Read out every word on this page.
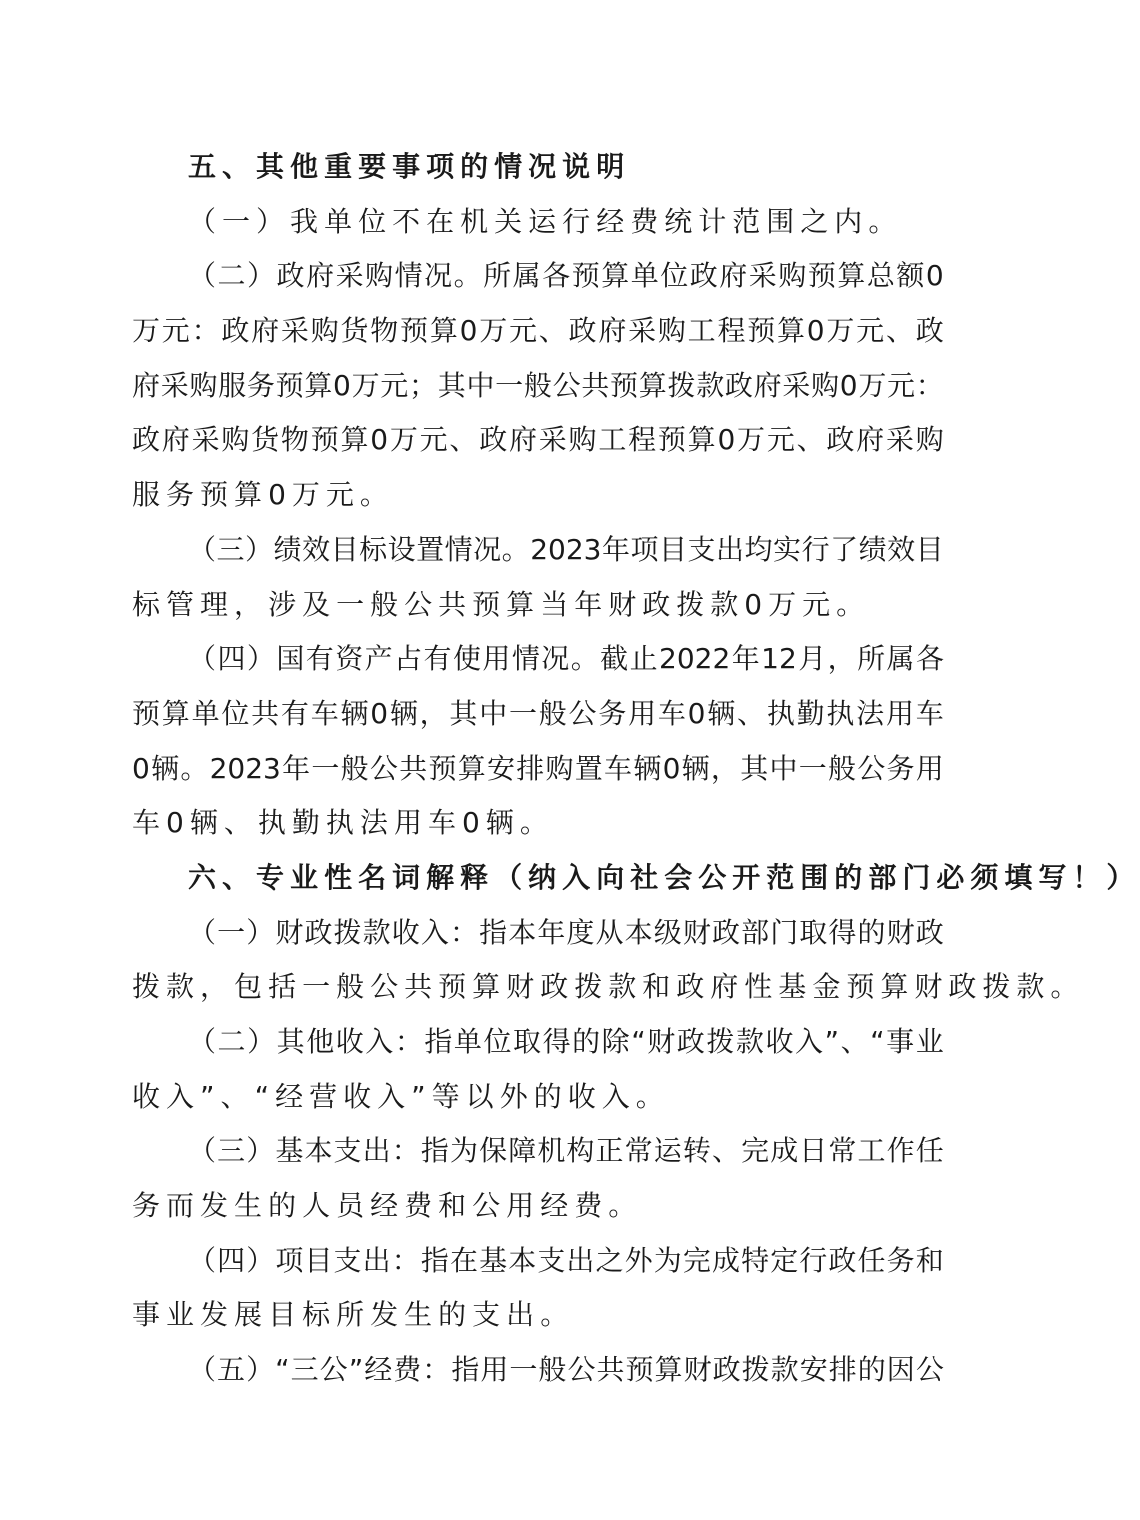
五 、 其 他 重 要 事 项 的 情 况 说 明
（ 一 ） 我 单 位 不 在 机 关 运 行 经 费 统 计 范 围 之 内 。
（ 二 ） 政 府 采 购 情 况 。 所 属 各 预 算 单 位 政 府 采 购 预 算 总 额 0
万 元 ： 政 府 采 购 货 物 预 算 0 万 元 、 政 府 采 购 工 程 预 算 0 万 元 、 政
府 采 购 服 务 预 算 0 万 元 ； 其 中 一 般 公 共 预 算 拨 款 政 府 采 购 0 万 元 ：
政 府 采 购 货 物 预 算 0 万 元 、 政 府 采 购 工 程 预 算 0 万 元 、 政 府 采 购
服 务 预 算 0 万 元 。
（ 三 ） 绩 效 目 标 设 置 情 况 。 2023 年 项 目 支 出 均 实 行 了 绩 效 目
标 管 理 ， 涉 及 一 般 公 共 预 算 当 年 财 政 拨 款 0 万 元 。
（ 四 ） 国 有 资 产 占 有 使 用 情 况 。 截 止 2022 年 12 月 ， 所 属 各
预 算 单 位 共 有 车 辆 0 辆 ， 其 中 一 般 公 务 用 车 0 辆 、 执 勤 执 法 用 车
0 辆 。 2023 年 一 般 公 共 预 算 安 排 购 置 车 辆 0 辆 ， 其 中 一 般 公 务 用
车 0 辆 、 执 勤 执 法 用 车 0 辆 。
六 、 专 业 性 名 词 解 释 （ 纳 入 向 社 会 公 开 范 围 的 部 门 必 须 填 写 ！ ）
（ 一 ） 财 政 拨 款 收 入 ： 指 本 年 度 从 本 级 财 政 部 门 取 得 的 财 政
拨 款 ， 包 括 一 般 公 共 预 算 财 政 拨 款 和 政 府 性 基 金 预 算 财 政 拨 款 。
（ 二 ） 其 他 收 入 ： 指 单 位 取 得 的 除 “ 财 政 拨 款 收 入 ” 、 “ 事 业
收 入 ” 、 “ 经 营 收 入 ” 等 以 外 的 收 入 。
（ 三 ） 基 本 支 出 ： 指 为 保 障 机 构 正 常 运 转 、 完 成 日 常 工 作 任
务 而 发 生 的 人 员 经 费 和 公 用 经 费 。
（ 四 ） 项 目 支 出 ： 指 在 基 本 支 出 之 外 为 完 成 特 定 行 政 任 务 和
事 业 发 展 目 标 所 发 生 的 支 出 。
（ 五 ） “ 三 公 ” 经 费 ： 指 用 一 般 公 共 预 算 财 政 拨 款 安 排 的 因 公
